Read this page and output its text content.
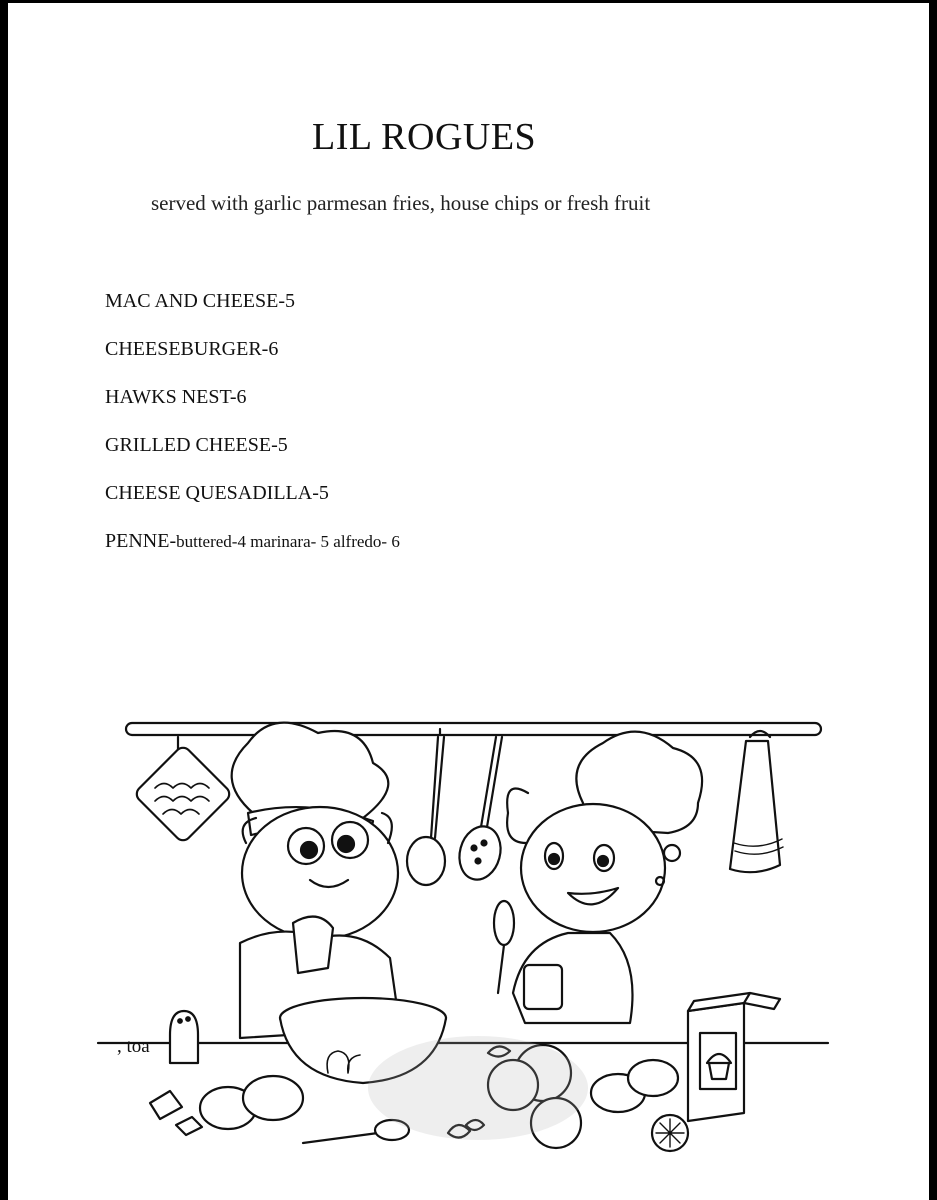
LIL ROGUES
served with garlic parmesan fries, house chips or fresh fruit
MAC AND CHEESE-5
CHEESEBURGER-6
HAWKS NEST-6
GRILLED CHEESE-5
CHEESE QUESADILLA-5
PENNE-buttered-4 marinara- 5 alfredo- 6
, toa
